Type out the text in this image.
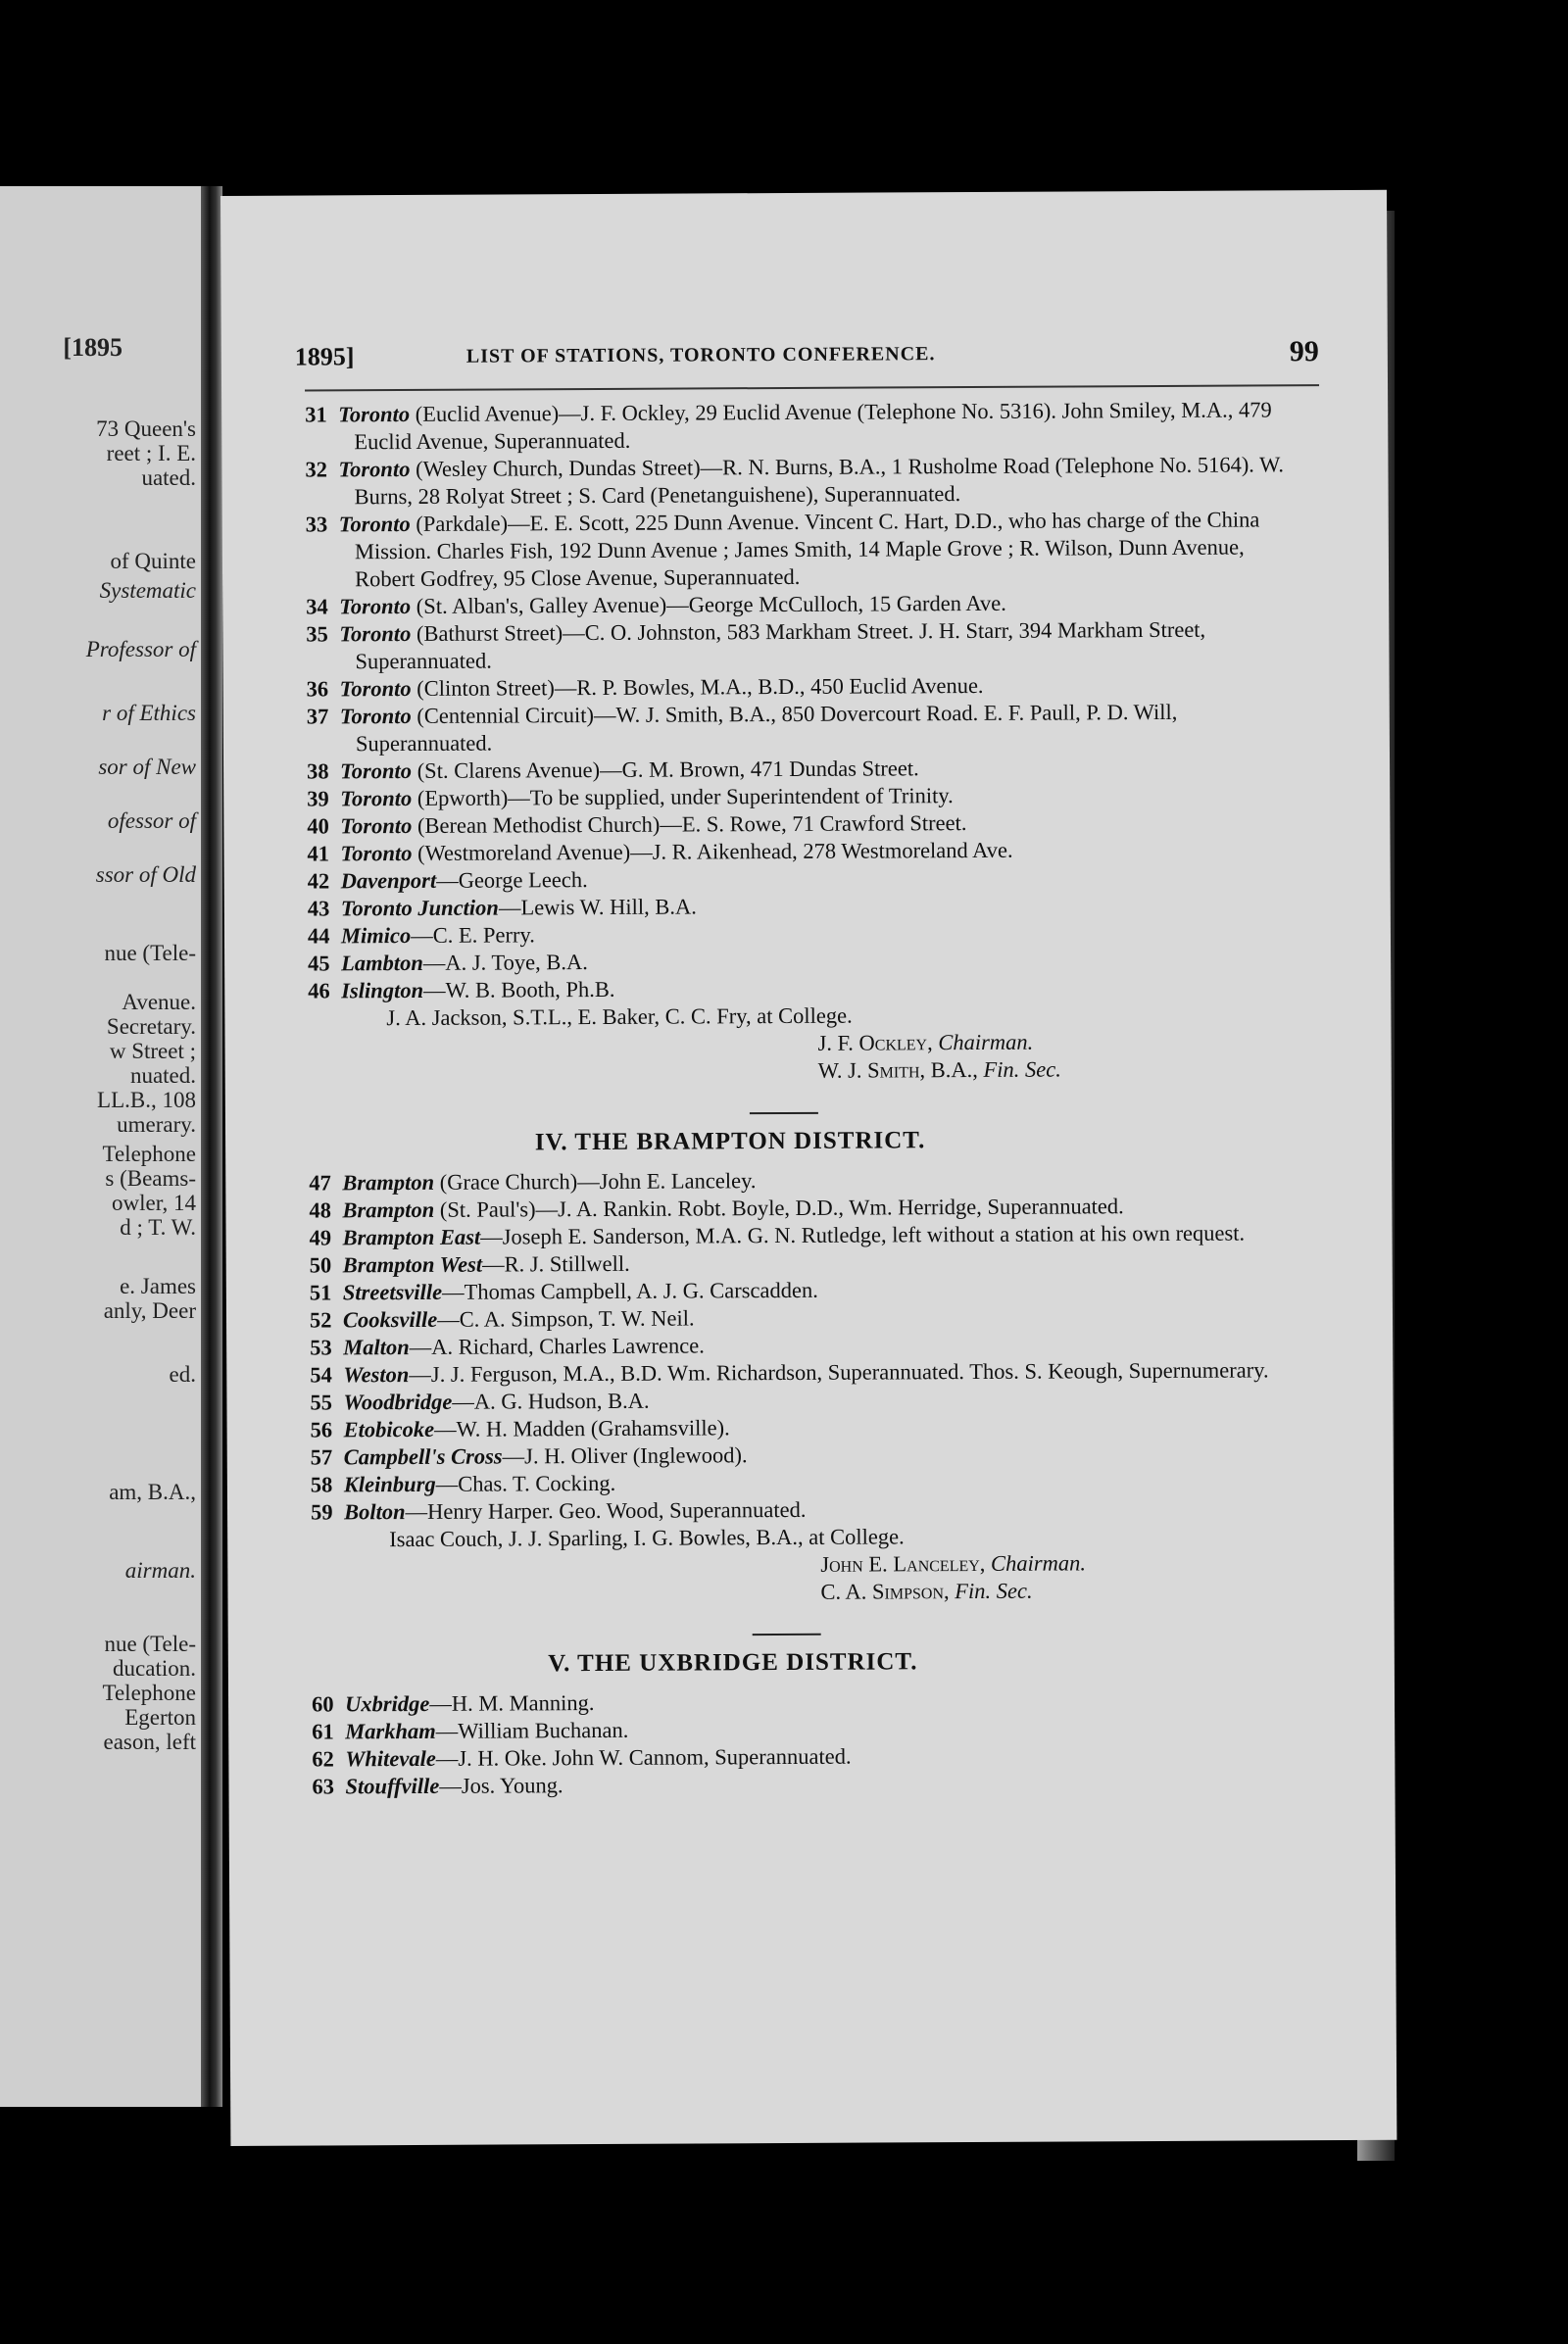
[1895
73 Queen's
reet ; I. E.
uated.
of Quinte
Systematic
Professor of
r of Ethics
sor of New
ofessor of
ssor of Old
nue (Tele-
Avenue.
Secretary.
w Street ;
nuated.
LL.B., 108
umerary.
Telephone
s (Beams-
owler, 14
d ; T. W.
e. James
anly, Deer
ed.
am, B.A.,
airman.
nue (Tele-
ducation.
Telephone
Egerton
eason, left
1895]	LIST OF STATIONS, TORONTO CONFERENCE.	99

31 Toronto (Euclid Avenue)—J. F. Ockley, 29 Euclid Avenue (Telephone No. 5316). John Smiley, M.A., 479 Euclid Avenue, Superannuated.

32 Toronto (Wesley Church, Dundas Street)—R. N. Burns, B.A., 1 Rusholme Road (Telephone No. 5164). W. Burns, 28 Rolyat Street ; S. Card (Penetanguishene), Superannuated.

33 Toronto (Parkdale)—E. E. Scott, 225 Dunn Avenue. Vincent C. Hart, D.D., who has charge of the China Mission. Charles Fish, 192 Dunn Avenue ; James Smith, 14 Maple Grove ; R. Wilson, Dunn Avenue, Robert Godfrey, 95 Close Avenue, Superannuated.

34 Toronto (St. Alban's, Galley Avenue)—George McCulloch, 15 Garden Ave.

35 Toronto (Bathurst Street)—C. O. Johnston, 583 Markham Street. J. H. Starr, 394 Markham Street, Superannuated.

36 Toronto (Clinton Street)—R. P. Bowles, M.A., B.D., 450 Euclid Avenue.

37 Toronto (Centennial Circuit)—W. J. Smith, B.A., 850 Dovercourt Road. E. F. Paull, P. D. Will, Superannuated.

38 Toronto (St. Clarens Avenue)—G. M. Brown, 471 Dundas Street.

39 Toronto (Epworth)—To be supplied, under Superintendent of Trinity.

40 Toronto (Berean Methodist Church)—E. S. Rowe, 71 Crawford Street.

41 Toronto (Westmoreland Avenue)—J. R. Aikenhead, 278 Westmoreland Ave.

42 Davenport—George Leech.

43 Toronto Junction—Lewis W. Hill, B.A.

44 Mimico—C. E. Perry.

45 Lambton—A. J. Toye, B.A.

46 Islington—W. B. Booth, Ph.B.

J. A. Jackson, S.T.L., E. Baker, C. C. Fry, at College.

J. F. Ockley, Chairman.

W. J. Smith, B.A., Fin. Sec.

IV. THE BRAMPTON DISTRICT.

47 Brampton (Grace Church)—John E. Lanceley.

48 Brampton (St. Paul's)—J. A. Rankin. Robt. Boyle, D.D., Wm. Herridge, Superannuated.

49 Brampton East—Joseph E. Sanderson, M.A. G. N. Rutledge, left without a station at his own request.

50 Brampton West—R. J. Stillwell.

51 Streetsville—Thomas Campbell, A. J. G. Carscadden.

52 Cooksville—C. A. Simpson, T. W. Neil.

53 Malton—A. Richard, Charles Lawrence.

54 Weston—J. J. Ferguson, M.A., B.D. Wm. Richardson, Superannuated. Thos. S. Keough, Supernumerary.

55 Woodbridge—A. G. Hudson, B.A.

56 Etobicoke—W. H. Madden (Grahamsville).

57 Campbell's Cross—J. H. Oliver (Inglewood).

58 Kleinburg—Chas. T. Cocking.

59 Bolton—Henry Harper. Geo. Wood, Superannuated.

Isaac Couch, J. J. Sparling, I. G. Bowles, B.A., at College.

John E. Lanceley, Chairman.

C. A. Simpson, Fin. Sec.

V. THE UXBRIDGE DISTRICT.

60 Uxbridge—H. M. Manning.

61 Markham—William Buchanan.

62 Whitevale—J. H. Oke. John W. Cannom, Superannuated.

63 Stouffville—Jos. Young.
